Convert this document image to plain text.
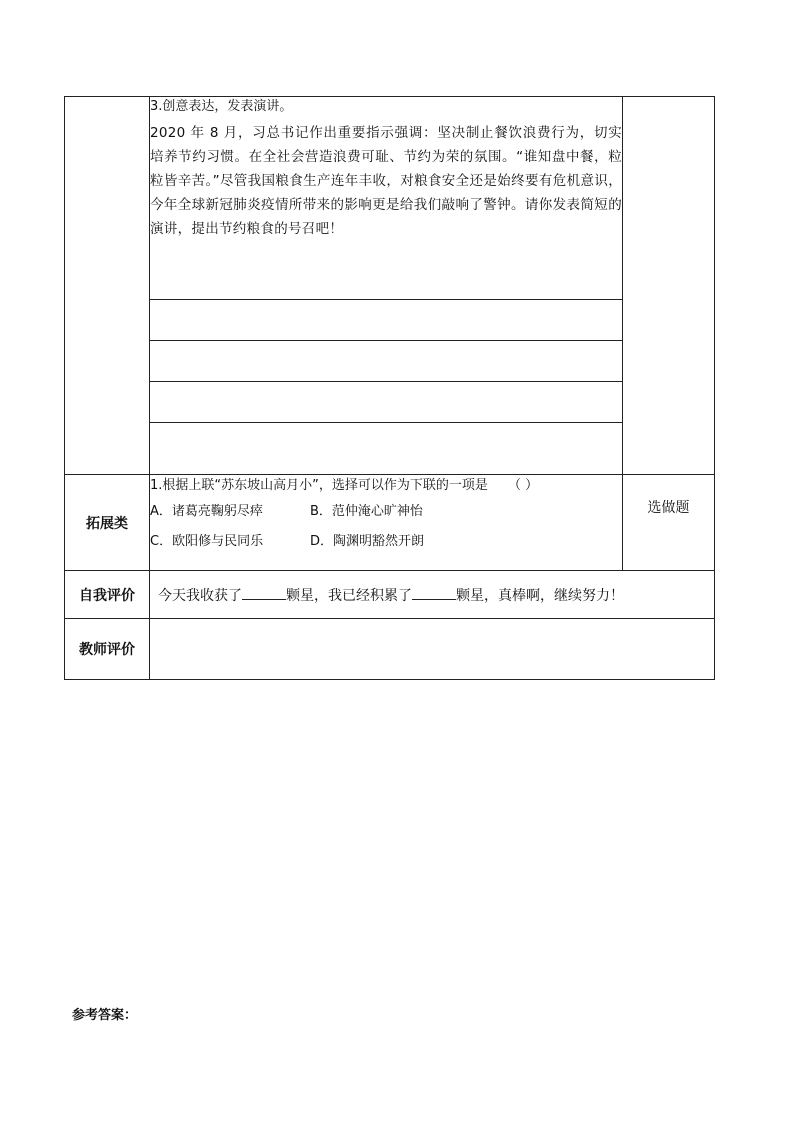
	3.创意表达，发表演讲。
2020 年 8 月，习总书记作出重要指示强调：坚决制止餐饮浪费行为，切实培养节约习惯。在全社会营造浪费可耻、节约为荣的氛围。“谁知盘中餐，粒粒皆辛苦。”尽管我国粮食生产连年丰收，对粮食安全还是始终要有危机意识，今年全球新冠肺炎疫情所带来的影响更是给我们敲响了警钟。请你发表简短的演讲，提出节约粮食的号召吧！	

拓展类	1.根据上联“苏东坡山高月小”，选择可以作为下联的一项是 （ ）
A．诸葛亮鞠躬尽瘁 B．范仲淹心旷神怡
C．欧阳修与民同乐 D．陶渊明豁然开朗	选做题
自我评价	今天我收获了 颗星，我已经积累了 颗星，真棒啊，继续努力！	
教师评价		
参考答案：
